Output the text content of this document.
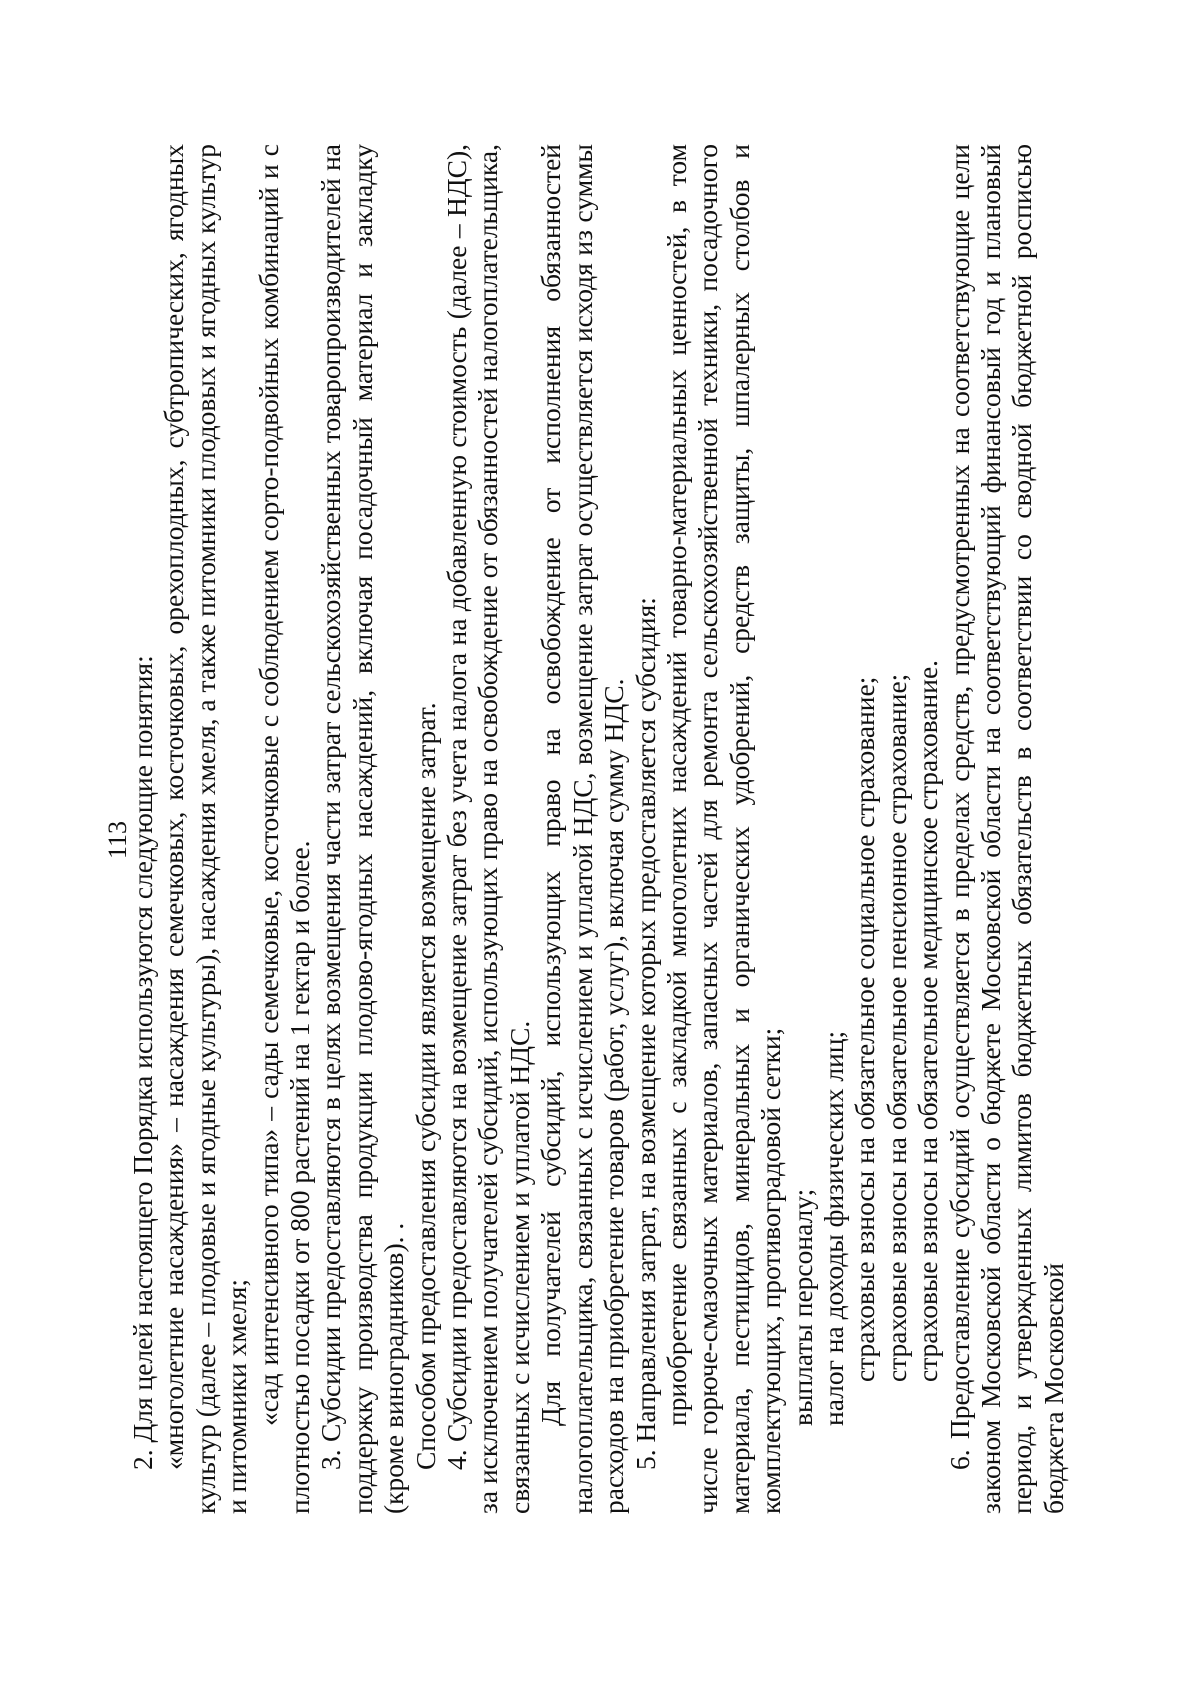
113

2. Для целей настоящего Порядка используются следующие понятия: «многолетние насаждения» – насаждения семечковых, косточковых, орехоплодных, субтропических, ягодных культур (далее – плодовые и ягодные культуры), насаждения хмеля, а также питомники плодовых и ягодных культур и питомники хмеля; «сад интенсивного типа» – сады семечковые, косточковые с соблюдением сорто-подвойных комбинаций и с плотностью посадки от 800 растений на 1 гектар и более. 3. Субсидии предоставляются в целях возмещения части затрат сельскохозяйственных товаропроизводителей на поддержку производства продукции плодово-ягодных насаждений, включая посадочный материал и закладку (кроме виноградников). . Способом предоставления субсидии является возмещение затрат. 4. Субсидии предоставляются на возмещение затрат без учета налога на добавленную стоимость (далее – НДС), за исключением получателей субсидий, использующих право на освобождение от обязанностей налогоплательщика, связанных с исчислением и уплатой НДС. Для получателей субсидий, использующих право на освобождение от исполнения обязанностей налогоплательщика, связанных с исчислением и уплатой НДС, возмещение затрат осуществляется исходя из суммы расходов на приобретение товаров (работ, услуг), включая сумму НДС. 5. Направления затрат, на возмещение которых предоставляется субсидия: приобретение связанных с закладкой многолетних насаждений товарно-материальных ценностей, в том числе горюче-смазочных материалов, запасных частей для ремонта сельскохозяйственной техники, посадочного материала, пестицидов, минеральных и органических удобрений, средств защиты, шпалерных столбов и комплектующих, противоградовой сетки; выплаты персоналу; налог на доходы физических лиц; страховые взносы на обязательное социальное страхование; страховые взносы на обязательное пенсионное страхование; страховые взносы на обязательное медицинское страхование. 6. Предоставление субсидий осуществляется в пределах средств, предусмотренных на соответствующие цели законом Московской области о бюджете Московской области на соответствующий финансовый год и плановый период, и утвержденных лимитов бюджетных обязательств в соответствии со сводной бюджетной росписью бюджета Московской
